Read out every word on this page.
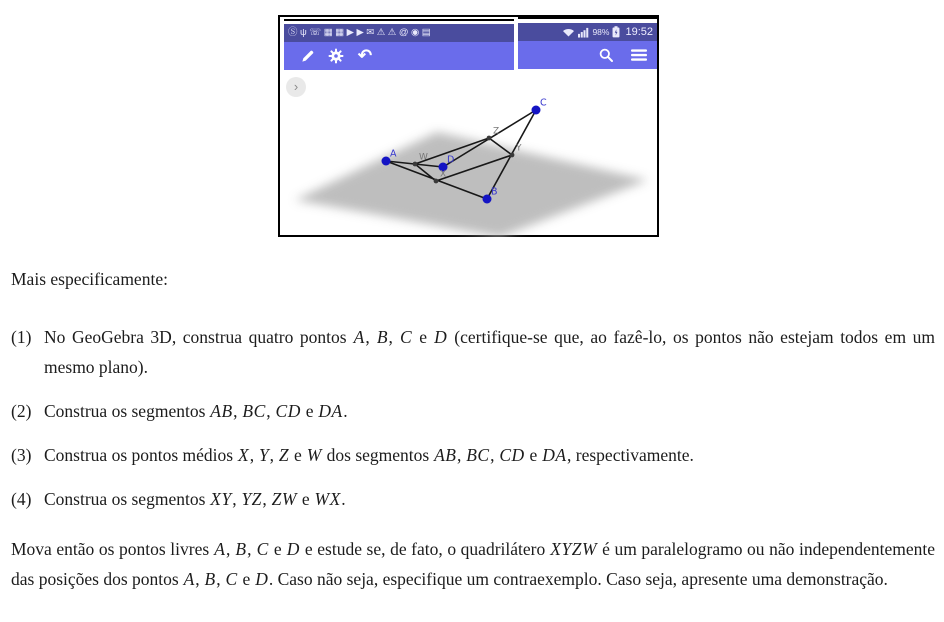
A
B
C
D
X
Y
Z
W
Ⓢ ψ ☏ ▦ ▦ ▶ ▶ ✉ ⚠ ⚠ @ ◉ ▤
↶
98% 19:52
›

Mais especificamente:

(1) No GeoGebra 3D, construa quatro pontos A, B, C e D (certifique-se que, ao fazê-lo, os pontos não estejam todos em um mesmo plano).
(2) Construa os segmentos AB, BC, CD e DA.
(3) Construa os pontos médios X, Y, Z e W dos segmentos AB, BC, CD e DA, respectivamente.
(4) Construa os segmentos XY, YZ, ZW e WX.

Mova então os pontos livres A, B, C e D e estude se, de fato, o quadrilátero XYZW é um paralelogramo ou não independentemente das posições dos pontos A, B, C e D. Caso não seja, especifique um contraexemplo. Caso seja, apresente uma demonstração.
